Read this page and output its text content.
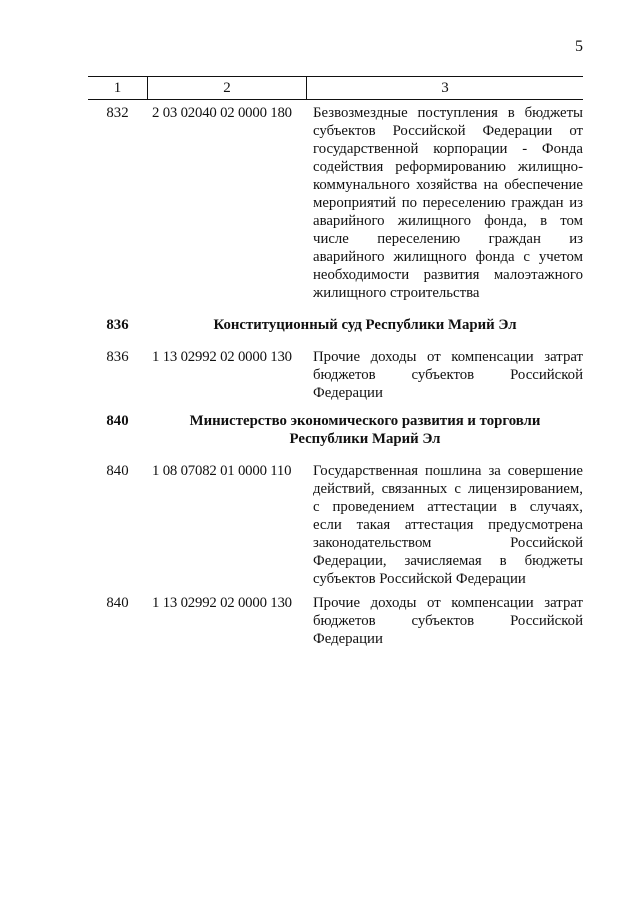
5
1	2	3
832	2 03 02040 02 0000 180	Безвозмездные поступления в бюджеты
субъектов Российской Федерации от
государственной корпорации - Фонда
содействия реформированию жилищно-
коммунального хозяйства на обеспечение
мероприятий по переселению граждан из
аварийного жилищного фонда, в том
числе переселению граждан из
аварийного жилищного фонда с учетом
необходимости развития малоэтажного
жилищного строительства
836	Конституционный суд Республики Марий Эл
836	1 13 02992 02 0000 130	Прочие доходы от компенсации затрат
бюджетов субъектов Российской
Федерации
840	Министерство экономического развития и торговли
Республики Марий Эл
840	1 08 07082 01 0000 110	Государственная пошлина за совершение
действий, связанных с лицензированием,
с проведением аттестации в случаях,
если такая аттестация предусмотрена
законодательством Российской
Федерации, зачисляемая в бюджеты
субъектов Российской Федерации
840	1 13 02992 02 0000 130	Прочие доходы от компенсации затрат
бюджетов субъектов Российской
Федерации
